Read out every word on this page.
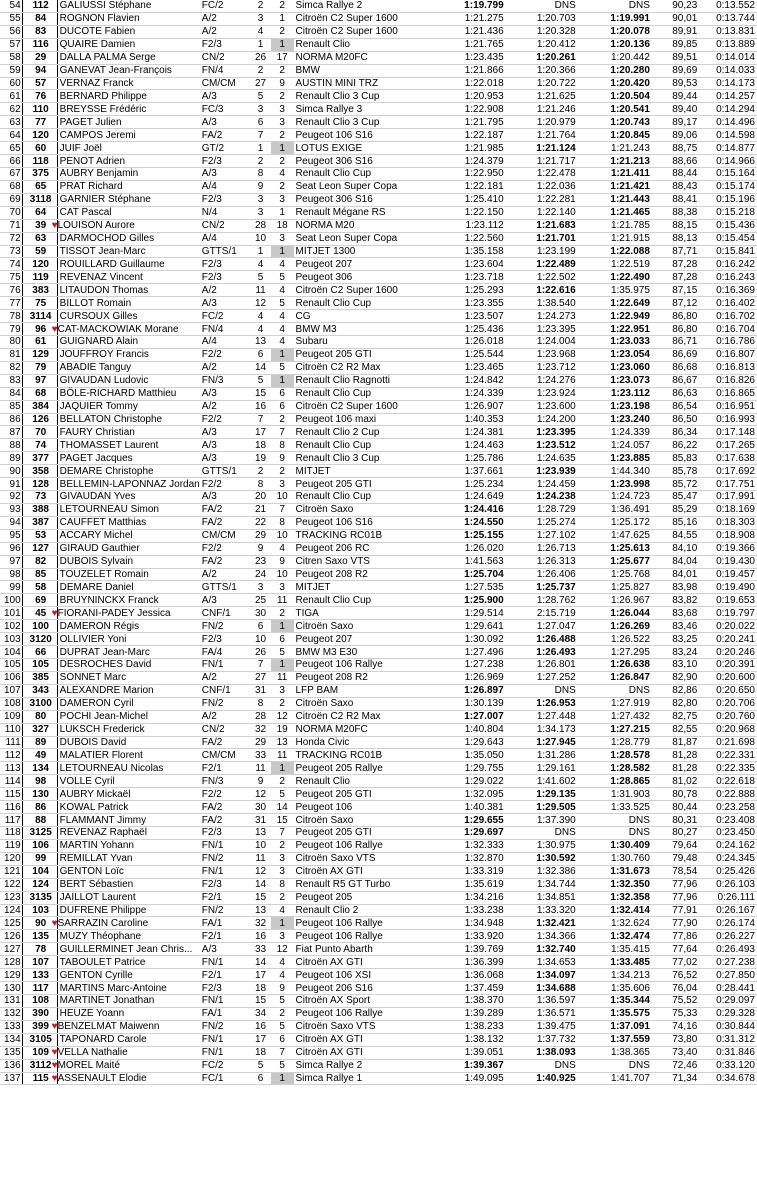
54	112	GALIUSSI Stéphane	FC/2	2	2	Simca Rallye 2	1:19.799	DNS	DNS	90,23	0:13.552
55	84	ROGNON Flavien	A/2	3	1	Citroën C2 Super 1600	1:21.275	1:20.703	1:19.991	90,01	0:13.744
56	83	DUCOTE Fabien	A/2	4	2	Citroën C2 Super 1600	1:21.436	1:20.328	1:20.078	89,91	0:13.831
57	116	QUAIRE Damien	F2/3	1	1	Renault Clio	1:21.765	1:20.412	1:20.136	89,85	0:13.889
58	29	DALLA PALMA Serge	CN/2	26	17	NORMA M20FC	1:23.435	1:20.261	1:20.442	89,51	0:14.014
59	94	GANEVAT Jean-François	FN/4	2	2	BMW	1:21.866	1:20.366	1:20.280	89,69	0:14.033
60	57	VERNAZ Franck	CM/CM	27	9	AUSTIN MINI TRZ	1:22.018	1:20.722	1:20.420	89,53	0:14.173
61	76	BERNARD Philippe	A/3	5	2	Renault Clio 3 Cup	1:20.953	1:21.625	1:20.504	89,44	0:14.257
62	110	BREYSSE Frédéric	FC/3	3	3	Simca Rallye 3	1:22.908	1:21.246	1:20.541	89,40	0:14.294
63	77	PAGET Julien	A/3	6	3	Renault Clio 3 Cup	1:21.795	1:20.979	1:20.743	89,17	0:14.496
64	120	CAMPOS Jeremi	FA/2	7	2	Peugeot 106 S16	1:22.187	1:21.764	1:20.845	89,06	0:14.598
65	60	JUIF Joël	GT/2	1	1	LOTUS EXIGE	1:21.985	1:21.124	1:21.243	88,75	0:14.877
66	118	PENOT Adrien	F2/3	2	2	Peugeot 306 S16	1:24.379	1:21.717	1:21.213	88,66	0:14.966
67	375	AUBRY Benjamin	A/3	8	4	Renault Clio Cup	1:22.950	1:22.478	1:21.411	88,44	0:15.164
68	65	PRAT Richard	A/4	9	2	Seat Leon Super Copa	1:22.181	1:22.036	1:21.421	88,43	0:15.174
69	3118	GARNIER Stéphane	F2/3	3	3	Peugeot 306 S16	1:25.410	1:22.281	1:21.443	88,41	0:15.196
70	64	CAT Pascal	N/4	3	1	Renault Mégane RS	1:22.150	1:22.140	1:21.465	88,38	0:15.218
71	39	♥LOUISON Aurore	CN/2	28	18	NORMA M20	1:23.112	1:21.683	1:21.785	88,15	0:15.436
72	63	DARMOCHOD Gilles	A/4	10	3	Seat Leon Super Copa	1:22.560	1:21.701	1:21.915	88,13	0:15.454
73	59	TISSOT Jean-Marc	GTTS/1	1	1	MITJET 1300	1:35.158	1:23.199	1:22.088	87,71	0:15.841
74	120	ROUILLARD Guillaume	F2/3	4	4	Peugeot 207	1:23.604	1:22.489	1:22.519	87,28	0:16.242
75	119	REVENAZ Vincent	F2/3	5	5	Peugeot 306	1:23.718	1:22.502	1:22.490	87,28	0:16.243
76	383	LITAUDON Thomas	A/2	11	4	Citroën C2 Super 1600	1:25.293	1:22.616	1:35.975	87,15	0:16.369
77	75	BILLOT Romain	A/3	12	5	Renault Clio Cup	1:23.355	1:38.540	1:22.649	87,12	0:16.402
78	3114	CURSOUX Gilles	FC/2	4	4	CG	1:23.507	1:24.273	1:22.949	86,80	0:16.702
79	96	♥CAT-MACKOWIAK Morane	FN/4	4	4	BMW M3	1:25.436	1:23.395	1:22.951	86,80	0:16.704
80	61	GUIGNARD Alain	A/4	13	4	Subaru	1:26.018	1:24.004	1:23.033	86,71	0:16.786
81	129	JOUFFROY Francis	F2/2	6	1	Peugeot 205 GTI	1:25.544	1:23.968	1:23.054	86,69	0:16.807
82	79	ABADIE Tanguy	A/2	14	5	Citroën C2 R2 Max	1:23.465	1:23.712	1:23.060	86,68	0:16.813
83	97	GIVAUDAN Ludovic	FN/3	5	1	Renault Clio Ragnotti	1:24.842	1:24.276	1:23.073	86,67	0:16.826
84	68	BÖLE-RICHARD Matthieu	A/3	15	6	Renault Clio Cup	1:24.339	1:23.924	1:23.112	86,63	0:16.865
85	384	JAQUIER Tommy	A/2	16	6	Citroën C2 Super 1600	1:26.907	1:23.600	1:23.198	86,54	0:16.951
86	126	BELLATON Christophe	F2/2	7	2	Peugeot 106 maxi	1:40.353	1:24.200	1:23.240	86,50	0:16.993
87	70	FAURY Christian	A/3	17	7	Renault Clio 2 Cup	1:24.381	1:23.395	1:24.339	86,34	0:17.148
88	74	THOMASSET Laurent	A/3	18	8	Renault Clio Cup	1:24.463	1:23.512	1:24.057	86,22	0:17.265
89	377	PAGET Jacques	A/3	19	9	Renault Clio 3 Cup	1:25.786	1:24.635	1:23.885	85,83	0:17.638
90	358	DEMARE Christophe	GTTS/1	2	2	MITJET	1:37.661	1:23.939	1:44.340	85,78	0:17.692
91	128	BELLEMIN-LAPONNAZ Jordan	F2/2	8	3	Peugeot 205 GTI	1:25.234	1:24.459	1:23.998	85,72	0:17.751
92	73	GIVAUDAN Yves	A/3	20	10	Renault Clio Cup	1:24.649	1:24.238	1:24.723	85,47	0:17.991
93	388	LETOURNEAU Simon	FA/2	21	7	Citroën Saxo	1:24.416	1:28.729	1:36.491	85,29	0:18.169
94	387	CAUFFET Matthias	FA/2	22	8	Peugeot 106 S16	1:24.550	1:25.274	1:25.172	85,16	0:18.303
95	53	ACCARY Michel	CM/CM	29	10	TRACKING RC01B	1:25.155	1:27.102	1:47.625	84,55	0:18.908
96	127	GIRAUD Gauthier	F2/2	9	4	Peugeot 206 RC	1:26.020	1:26.713	1:25.613	84,10	0:19.366
97	82	DUBOIS Sylvain	FA/2	23	9	Citren Saxo VTS	1:41.563	1:26.313	1:25.677	84,04	0:19.430
98	85	TOUZELET Romain	A/2	24	10	Peugeot 208 R2	1:25.704	1:26.406	1:25.768	84,01	0:19.457
99	58	DEMARE Daniel	GTTS/1	3	3	MITJET	1:27.535	1:25.737	1:25.827	83,98	0:19.490
100	69	BRUYNINCKX Franck	A/3	25	11	Renault Clio Cup	1:25.900	1:28.762	1:26.967	83,82	0:19.653
101	45	♥FIORANI-PADEY Jessica	CNF/1	30	2	TIGA	1:29.514	2:15.719	1:26.044	83,68	0:19.797
102	100	DAMERON Régis	FN/2	6	1	Citroën Saxo	1:29.641	1:27.047	1:26.269	83,46	0:20.022
103	3120	OLLIVIER Yoni	F2/3	10	6	Peugeot 207	1:30.092	1:26.488	1:26.522	83,25	0:20.241
104	66	DUPRAT Jean-Marc	FA/4	26	5	BMW M3 E30	1:27.496	1:26.493	1:27.295	83,24	0:20.246
105	105	DESROCHES David	FN/1	7	1	Peugeot 106 Rallye	1:27.238	1:26.801	1:26.638	83,10	0:20.391
106	385	SONNET Marc	A/2	27	11	Peugeot 208 R2	1:26.969	1:27.252	1:26.847	82,90	0:20.600
107	343	ALEXANDRE Marion	CNF/1	31	3	LFP BAM	1:26.897	DNS	DNS	82,86	0:20.650
108	3100	DAMERON Cyril	FN/2	8	2	Citroën Saxo	1:30.139	1:26.953	1:27.919	82,80	0:20.706
109	80	POCHI Jean-Michel	A/2	28	12	Citroën C2 R2 Max	1:27.007	1:27.448	1:27.432	82,75	0:20.760
110	327	LUKSCH Frederick	CN/2	32	19	NORMA M20FC	1:40.804	1:34.173	1:27.215	82,55	0:20.968
111	89	DUBOIS David	FA/2	29	13	Honda Civic	1:29.643	1:27.945	1:28.779	81,87	0:21.698
112	49	MALATIER Florent	CM/CM	33	11	TRACKING RC01B	1:35.050	1:31.286	1:28.578	81,28	0:22.331
113	134	LETOURNEAU Nicolas	F2/1	11	1	Peugeot 205 Rallye	1:29.755	1:29.161	1:28.582	81,28	0:22.335
114	98	VOLLE Cyril	FN/3	9	2	Renault Clio	1:29.022	1:41.602	1:28.865	81,02	0:22.618
115	130	AUBRY Mickaël	F2/2	12	5	Peugeot 205 GTI	1:32.095	1:29.135	1:31.903	80,78	0:22.888
116	86	KOWAL Patrick	FA/2	30	14	Peugeot 106	1:40.381	1:29.505	1:33.525	80,44	0:23.258
117	88	FLAMMANT Jimmy	FA/2	31	15	Citroën Saxo	1:29.655	1:37.390	DNS	80,31	0:23.408
118	3125	REVENAZ Raphaël	F2/3	13	7	Peugeot 205 GTI	1:29.697	DNS	DNS	80,27	0:23.450
119	106	MARTIN Yohann	FN/1	10	2	Peugeot 106 Rallye	1:32.333	1:30.975	1:30.409	79,64	0:24.162
120	99	REMILLAT Yvan	FN/2	11	3	Citroën Saxo VTS	1:32.870	1:30.592	1:30.760	79,48	0:24.345
121	104	GENTON Loïc	FN/1	12	3	Citroën AX GTI	1:33.319	1:32.386	1:31.673	78,54	0:25.426
122	124	BERT Sébastien	F2/3	14	8	Renault R5 GT Turbo	1:35.619	1:34.744	1:32.350	77,96	0:26.103
123	3135	JAILLOT Laurent	F2/1	15	2	Peugeot 205	1:34.216	1:34.851	1:32.358	77,96	0:26.111
124	103	DUFRENE Philippe	FN/2	13	4	Renault Clio 2	1:33.238	1:33.320	1:32.414	77,91	0:26.167
125	90	♥SARRAZIN Caroline	FA/1	32	1	Peugeot 106 Rallye	1:34.948	1:32.421	1:32.624	77,90	0:26.174
126	135	MUZY Théophane	F2/1	16	3	Peugeot 106 Rallye	1:33.920	1:34.366	1:32.474	77,86	0:26.227
127	78	GUILLERMINET Jean Chris...	A/3	33	12	Fiat Punto Abarth	1:39.769	1:32.740	1:35.415	77,64	0:26.493
128	107	TABOULET Patrice	FN/1	14	4	Citroën AX GTI	1:36.399	1:34.653	1:33.485	77,02	0:27.238
129	133	GENTON Cyrille	F2/1	17	4	Peugeot 106 XSI	1:36.068	1:34.097	1:34.213	76,52	0:27.850
130	117	MARTINS Marc-Antoine	F2/3	18	9	Peugeot 206 S16	1:37.459	1:34.688	1:35.606	76,04	0:28.441
131	108	MARTINET Jonathan	FN/1	15	5	Citroën AX Sport	1:38.370	1:36.597	1:35.344	75,52	0:29.097
132	390	HEUZE Yoann	FA/1	34	2	Peugeot 106 Rallye	1:39.289	1:36.571	1:35.575	75,33	0:29.328
133	399	♥BENZELMAT Maiwenn	FN/2	16	5	Citroën Saxo VTS	1:38.233	1:39.475	1:37.091	74,16	0:30.844
134	3105	TAPONARD Carole	FN/1	17	6	Citroën AX GTI	1:38.132	1:37.732	1:37.559	73,80	0:31.312
135	109	♥VELLA Nathalie	FN/1	18	7	Citroën AX GTI	1:39.051	1:38.093	1:38.365	73,40	0:31.846
136	3112	♥MOREL Maité	FC/2	5	5	Simca Rallye 2	1:39.367	DNS	DNS	72,46	0:33.120
137	115	♥ASSENAULT Elodie	FC/1	6	1	Simca Rallye 1	1:49.095	1:40.925	1:41.707	71,34	0:34.678
